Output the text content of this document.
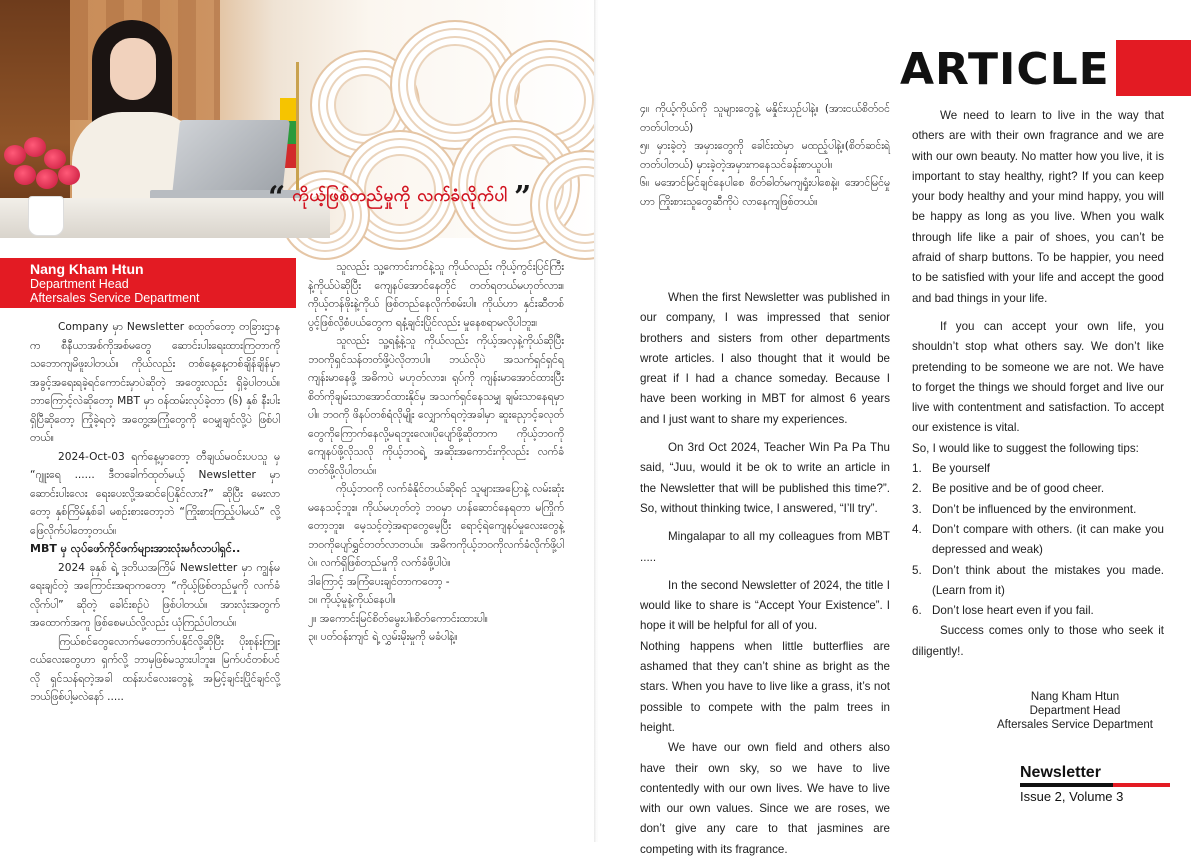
“ ကိုယ့်ဖြစ်တည်မှုကို လက်ခံလိုက်ပါ ”
Nang Kham Htun
Department Head
Aftersales Service Department

Company မှာ Newsletter စထုတ်တော့ တခြားဌာနက စီနီယာအစ်ကိုအစ်မတွေ ဆောင်းပါးရေးထားကြတာကို သဘောကျမိဖူးပါတယ်။ ကိုယ်လည်း တစ်နေ့နေ့တစ်ချိန်ချိန်မှာ အခွင့်အရေးရခဲ့ရင်ကောင်းမှာပဲဆိုတဲ့ အတွေးလည်း ရှိခဲ့ပါတယ်။ ဘာကြောင့်လဲဆိုတော့ MBT မှာ ဝန်ထမ်းလုပ်ခဲ့တာ (၆) နှစ် နီးပါးရှိပြီဆိုတော့ ကြုံခဲ့ရတဲ့ အတွေ့အကြုံတွေကို ဝေမျှချင်လို့ပဲ ဖြစ်ပါတယ်။

2024-Oct-03 ရက်နေ့မှာတော့ တီချယ်မဝင်းပပသူ မှ “ဂျူးရေ ...... ဒီတခေါက်ထုတ်မယ့် Newsletter မှာ ဆောင်းပါးလေး ရေးပေးလို့အဆင်ပြေနိုင်လား?” ဆိုပြီး မေးလာတော့ နှစ်ကြိမ်နှစ်ခါ မစဉ်းစားတော့ဘဲ “ကြိုးစားကြည့်ပါမယ်” လို့ ဖြေလိုက်ပါတော့တယ်။

MBT မှ လုပ်ဖော်ကိုင်ဖက်များအားလုံးမင်္ဂလာပါရှင်..

2024 ခုနှစ် ရဲ့ ဒုတိယအကြိမ် Newsletter မှာ ကျွန်မရေးချင်တဲ့ အကြောင်းအရာကတော့ “ကိုယ့်ဖြစ်တည်မှုကို လက်ခံလိုက်ပါ” ဆိုတဲ့ ခေါင်းစဉ်ပဲ ဖြစ်ပါတယ်။ အားလုံးအတွက် အထောက်အကူ ဖြစ်စေမယ်လို့လည်း ယုံကြည်ပါတယ်။

ကြယ်စင်တွေလောက်မတောက်ပနိုင်လို့ဆိုပြီး ပိုးစုန်းကြူးငယ်လေးတွေဟာ ရှက်လို့ ဘာမှဖြစ်မသွားပါဘူး။ မြက်ပင်တစ်ပင်လို ရှင်သန်ရတဲ့အခါ ထန်းပင်လေးတွေနဲ့ အမြင့်ချင်းပြိုင်ချင်လို့ ဘယ်ဖြစ်ပါ့မလဲနော် .....

သူလည်း သူ့ကောင်းကင်နဲ့သူ ကိုယ်လည်း ကိုယ့်ကွင်းပြင်ကြီးနဲ့ကိုယ်ပဲဆိုပြီး ကျေနပ်အောင်နေတိုင် တတ်ရတယ်မဟုတ်လား။ ကိုယ့်တန်ဖိုးနဲ့ကိုယ် ဖြစ်တည်နေလိုက်စမ်းပါ။ ကိုယ်ဟာ နှင်းဆီတစ်ပွင့်ဖြစ်လို့စံပယ်တွေက ရနံ့ချင်းပြိုင်လည်း မှုနေစရာမလိုပါဘူး။

သူလည်း သူ့ရနံ့နဲ့သူ ကိုယ်လည်း ကိုယ့်အလှနဲ့ကိုယ်ဆိုပြီး ဘဝကိုရှင်သန်တတ်ဖို့ပဲလိုတာပါ။ ဘယ်လိုပဲ အသက်ရှင်ရှင်ရကျန်းမာနေဖို့ အဓိကပဲ မဟုတ်လား။ ရုပ်ကို ကျန်းမာအောင်ထားပြီး စိတ်ကိုချမ်းသာအောင်ထားနိုင်မှ အသက်ရှင်နေသမျှ ချမ်းသာနေရမှာပါ။ ဘဝကို ဖိနပ်တစ်ရံလိုမျိုး လျှောက်ရတဲ့အခါမှာ ဆူးညှောင့်ခလုတ်တွေကိုကြောက်နေလို့မရဘူးလေ။ပိုပျော်ဖို့ဆိုတာက ကိုယ့်ဘဝကို ကျေနပ်ဖို့လိုသလို ကိုယ့်ဘဝရဲ့ အဆိုးအကောင်းကိုလည်း လက်ခံတတ်ဖို့လိုပါတယ်။

ကိုယ့်ဘဝကို လက်ခံနိုင်တယ်ဆိုရင် သူများအပြောနဲ့ လမ်းဆုံးမနေသင့်ဘူး။ ကိုယ်မဟုတ်တဲ့ ဘဝမှာ ဟန်ဆောင်နေရတာ မကြိုက်တော့ဘူး။ မေ့သင့်တဲ့အရာတွေမေ့ပြီး ရောင့်ရဲကျေနပ်မှုလေးတွေနဲ့ ဘဝကိုပျော်ရွှင်တတ်လာတယ်။ အဓိကကိုယ့်ဘဝကိုလက်ခံလိုက်ဖို့ပါပဲ။ လက်ရှိဖြစ်တည်မှုကို လက်ခံဖို့ပါပဲ။

ဒါကြောင့် အကြံပေးချင်တာကတော့ -

၁။ ကိုယ့်မူနဲ့ကိုယ်နေပါ။

၂။ အကောင်းမြင်စိတ်မွေးပါ။စိတ်ကောင်းထားပါ။

၃။ ပတ်ဝန်းကျင် ရဲ့ လွှမ်းမိုးမှုကို မခံပါနဲ့။

၄။ ကိုယ့်ကိုယ်ကို သူများတွေနဲ့ မနှိုင်းယှဉ်ပါနဲ့။ (အားငယ်စိတ်ဝင်တတ်ပါတယ်)

၅။ မှားခဲ့တဲ့ အမှားတွေကို ခေါင်းထဲမှာ မထည့်ပါနဲ့။(စိတ်ဆင်းရဲတတ်ပါတယ်) မှားခဲ့တဲ့အမှားကနေသင်ခန်းစာယူပါ။

၆။ မအောင်မြင်ချင်နေပါစေ စိတ်ဓါတ်မကျရှုံးပါစေနဲ့။ အောင်မြင်မှုဟာ ကြိုးစားသူတွေဆီကိုပဲ လာနေကျဖြစ်တယ်။

When the first Newsletter was published in our company, I was impressed that senior brothers and sisters from other departments wrote articles. I also thought that it would be great if I had a chance someday. Because I have been working in MBT for almost 6 years and I just want to share my experiences.

On 3rd Oct 2024, Teacher Win Pa Pa Thu said, “Juu, would it be ok to write an article in the Newsletter that will be published this time?”. So, without thinking twice, I answered, “I’ll try”.

Mingalapar to all my colleagues from MBT .....

In the second Newsletter of 2024, the title I would like to share is “Accept Your Existence”. I hope it will be helpful for all of you.

Nothing happens when little butterflies are ashamed that they can’t shine as bright as the stars. When you have to live like a grass, it’s not possible to compete with the palm trees in height.

We have our own field and others also have their own sky, so we have to live contentedly with our own lives. We have to live with our own values. Since we are roses, we don’t give any care to that jasmines are competing with its fragrance.

ARTICLE

We need to learn to live in the way that others are with their own fragrance and we are with our own beauty. No matter how you live, it is important to stay healthy, right? If you can keep your body healthy and your mind happy, you will be happy as long as you live. When you walk through life like a pair of shoes, you can’t be afraid of sharp buttons. To be happier, you need to be satisfied with your life and accept the good and bad things in your life.

If you can accept your own life, you shouldn’t stop what others say. We don’t like pretending to be someone we are not. We have to forget the things we should forget and live our live with contentment and satisfaction. To accept our existence is vital.

So, I would like to suggest the following tips:

1. Be yourself
2. Be positive and be of good cheer.
3. Don’t be influenced by the environment.
4. Don’t compare with others. (it can make you depressed and weak)
5. Don’t think about the mistakes you made. (Learn from it)
6. Don’t lose heart even if you fail.

Success comes only to those who seek it diligently!.

Nang Kham Htun
Department Head
Aftersales Service Department
Newsletter
Issue 2, Volume 3
